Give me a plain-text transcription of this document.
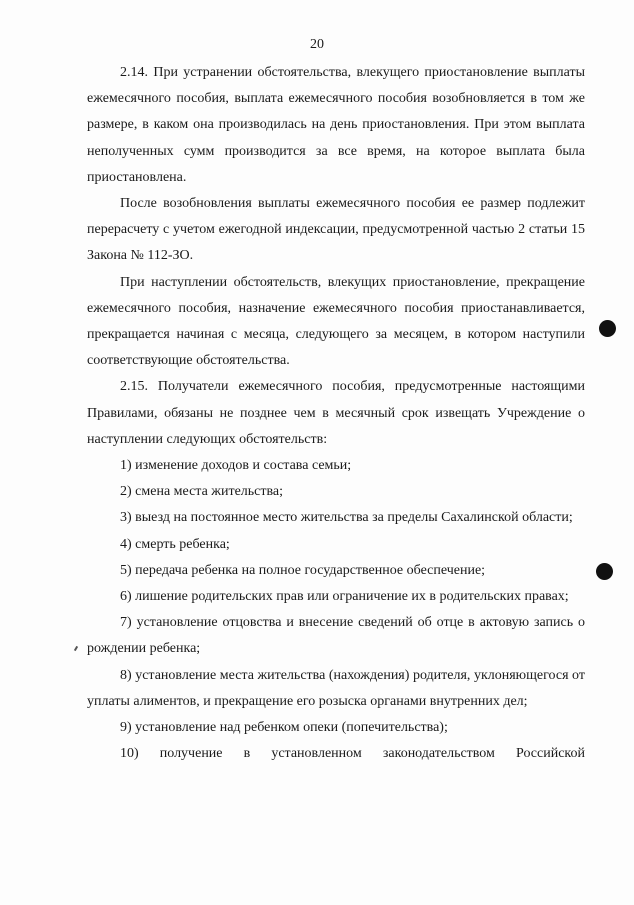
20

2.14. При устранении обстоятельства, влекущего приостановление выплаты ежемесячного пособия, выплата ежемесячного пособия возобновляется в том же размере, в каком она производилась на день приостановления. При этом выплата неполученных сумм производится за все время, на которое выплата была приостановлена.

После возобновления выплаты ежемесячного пособия ее размер подлежит перерасчету с учетом ежегодной индексации, предусмотренной частью 2 статьи 15 Закона № 112-ЗО.

При наступлении обстоятельств, влекущих приостановление, прекращение ежемесячного пособия, назначение ежемесячного пособия приостанавливается, прекращается начиная с месяца, следующего за месяцем, в котором наступили соответствующие обстоятельства.

2.15. Получатели ежемесячного пособия, предусмотренные настоящими Правилами, обязаны не позднее чем в месячный срок извещать Учреждение о наступлении следующих обстоятельств:

1) изменение доходов и состава семьи;

2) смена места жительства;

3) выезд на постоянное место жительства за пределы Сахалинской области;

4) смерть ребенка;

5) передача ребенка на полное государственное обеспечение;

6) лишение родительских прав или ограничение их в родительских правах;

7) установление отцовства и внесение сведений об отце в актовую запись о рождении ребенка;

8) установление места жительства (нахождения) родителя, уклоняющегося от уплаты алиментов, и прекращение его розыска органами внутренних дел;

9) установление над ребенком опеки (попечительства);

10) получение в установленном законодательством Российской
